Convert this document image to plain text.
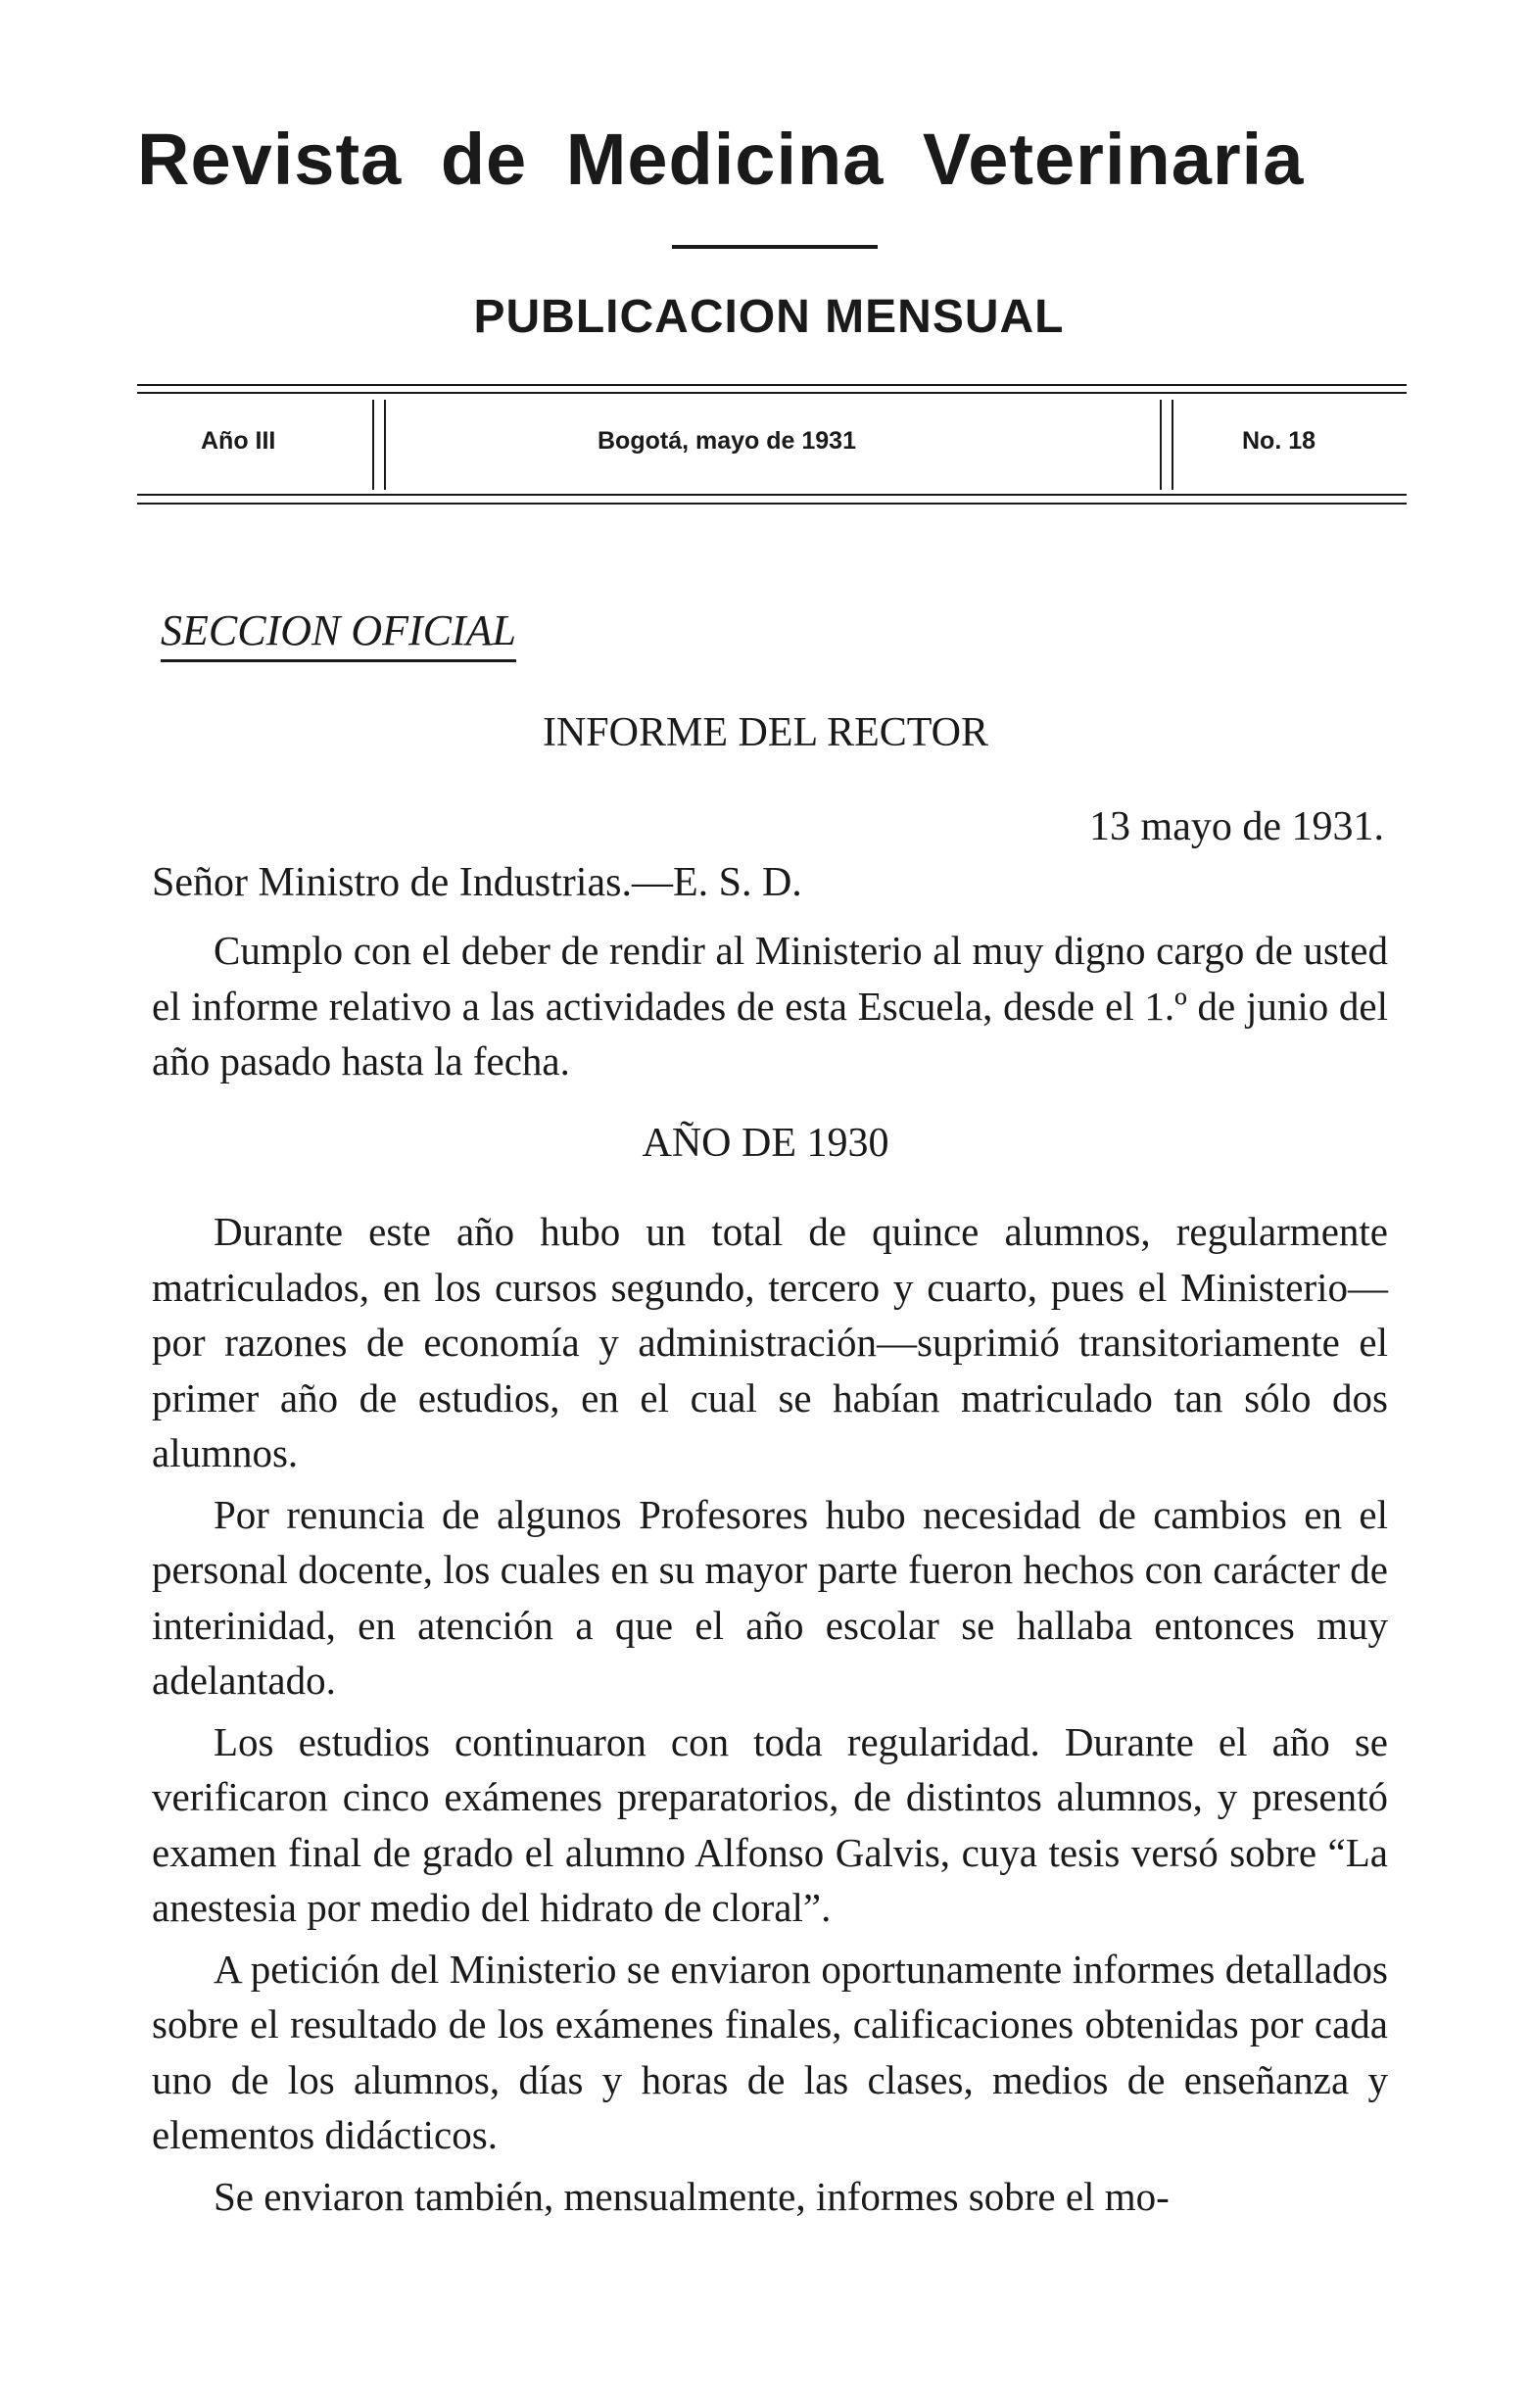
Revista de Medicina Veterinaria
PUBLICACION MENSUAL
Año III	Bogotá, mayo de 1931	No. 18
SECCION OFICIAL
INFORME DEL RECTOR
13 mayo de 1931.
Señor Ministro de Industrias.—E. S. D.

Cumplo con el deber de rendir al Ministerio al muy digno cargo de usted el informe relativo a las actividades de esta Escuela, desde el 1.º de junio del año pasado hasta la fecha.

AÑO DE 1930

Durante este año hubo un total de quince alumnos, regularmente matriculados, en los cursos segundo, tercero y cuarto, pues el Ministerio—por razones de economía y administración—suprimió transitoriamente el primer año de estudios, en el cual se habían matriculado tan sólo dos alumnos.

Por renuncia de algunos Profesores hubo necesidad de cambios en el personal docente, los cuales en su mayor parte fueron hechos con carácter de interinidad, en atención a que el año escolar se hallaba entonces muy adelantado.

Los estudios continuaron con toda regularidad. Durante el año se verificaron cinco exámenes preparatorios, de distintos alumnos, y presentó examen final de grado el alumno Alfonso Galvis, cuya tesis versó sobre “La anestesia por medio del hidrato de cloral”.

A petición del Ministerio se enviaron oportunamente informes detallados sobre el resultado de los exámenes finales, calificaciones obtenidas por cada uno de los alumnos, días y horas de las clases, medios de enseñanza y elementos didácticos.

Se enviaron también, mensualmente, informes sobre el mo-
